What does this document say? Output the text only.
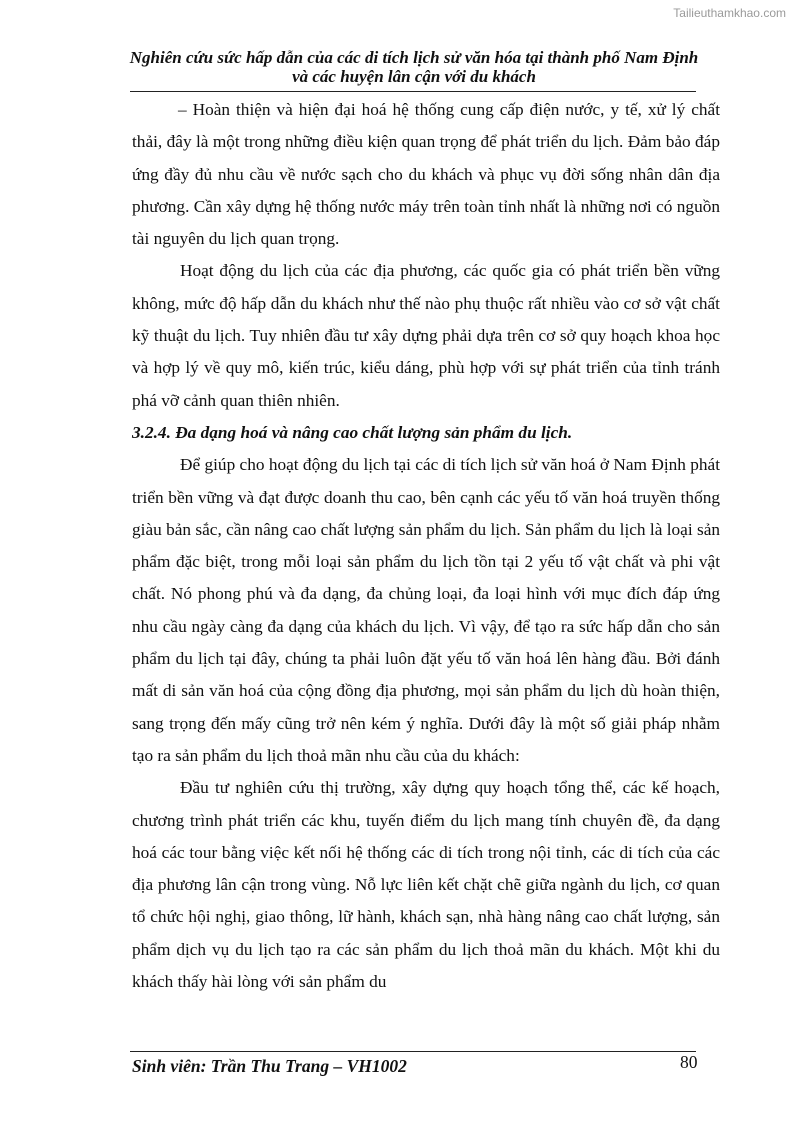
Tailieuthamkhao.com
Nghiên cứu sức hấp dẫn của các di tích lịch sử văn hóa tại thành phố Nam Định và các huyện lân cận với du khách

– Hoàn thiện và hiện đại hoá hệ thống cung cấp điện nước, y tế, xử lý chất thải, đây là một trong những điều kiện quan trọng để phát triển du lịch. Đảm bảo đáp ứng đầy đủ nhu cầu về nước sạch cho du khách và phục vụ đời sống nhân dân địa phương. Cần xây dựng hệ thống nước máy trên toàn tỉnh nhất là những nơi có nguồn tài nguyên du lịch quan trọng.

Hoạt động du lịch của các địa phương, các quốc gia có phát triển bền vững không, mức độ hấp dẫn du khách như thế nào phụ thuộc rất nhiều vào cơ sở vật chất kỹ thuật du lịch. Tuy nhiên đầu tư xây dựng phải dựa trên cơ sở quy hoạch khoa học và hợp lý về quy mô, kiến trúc, kiểu dáng, phù hợp với sự phát triển của tỉnh tránh phá vỡ cảnh quan thiên nhiên.

3.2.4. Đa dạng hoá và nâng cao chất lượng sản phẩm du lịch.

Để giúp cho hoạt động du lịch tại các di tích lịch sử văn hoá ở Nam Định phát triển bền vững và đạt được doanh thu cao, bên cạnh các yếu tố văn hoá truyền thống giàu bản sắc, cần nâng cao chất lượng sản phẩm du lịch. Sản phẩm du lịch là loại sản phẩm đặc biệt, trong mỗi loại sản phẩm du lịch tồn tại 2 yếu tố vật chất và phi vật chất. Nó phong phú và đa dạng, đa chủng loại, đa loại hình với mục đích đáp ứng nhu cầu ngày càng đa dạng của khách du lịch. Vì vậy, để tạo ra sức hấp dẫn cho sản phẩm du lịch tại đây, chúng ta phải luôn đặt yếu tố văn hoá lên hàng đầu. Bởi đánh mất di sản văn hoá của cộng đồng địa phương, mọi sản phẩm du lịch dù hoàn thiện, sang trọng đến mấy cũng trở nên kém ý nghĩa. Dưới đây là một số giải pháp nhằm tạo ra sản phẩm du lịch thoả mãn nhu cầu của du khách:

Đầu tư nghiên cứu thị trường, xây dựng quy hoạch tổng thể, các kế hoạch, chương trình phát triển các khu, tuyến điểm du lịch mang tính chuyên đề, đa dạng hoá các tour bằng việc kết nối hệ thống các di tích trong nội tỉnh, các di tích của các địa phương lân cận trong vùng. Nỗ lực liên kết chặt chẽ giữa ngành du lịch, cơ quan tổ chức hội nghị, giao thông, lữ hành, khách sạn, nhà hàng nâng cao chất lượng, sản phẩm dịch vụ du lịch tạo ra các sản phẩm du lịch thoả mãn du khách. Một khi du khách thấy hài lòng với sản phẩm du

Sinh viên: Trần Thu Trang – VH1002	80
